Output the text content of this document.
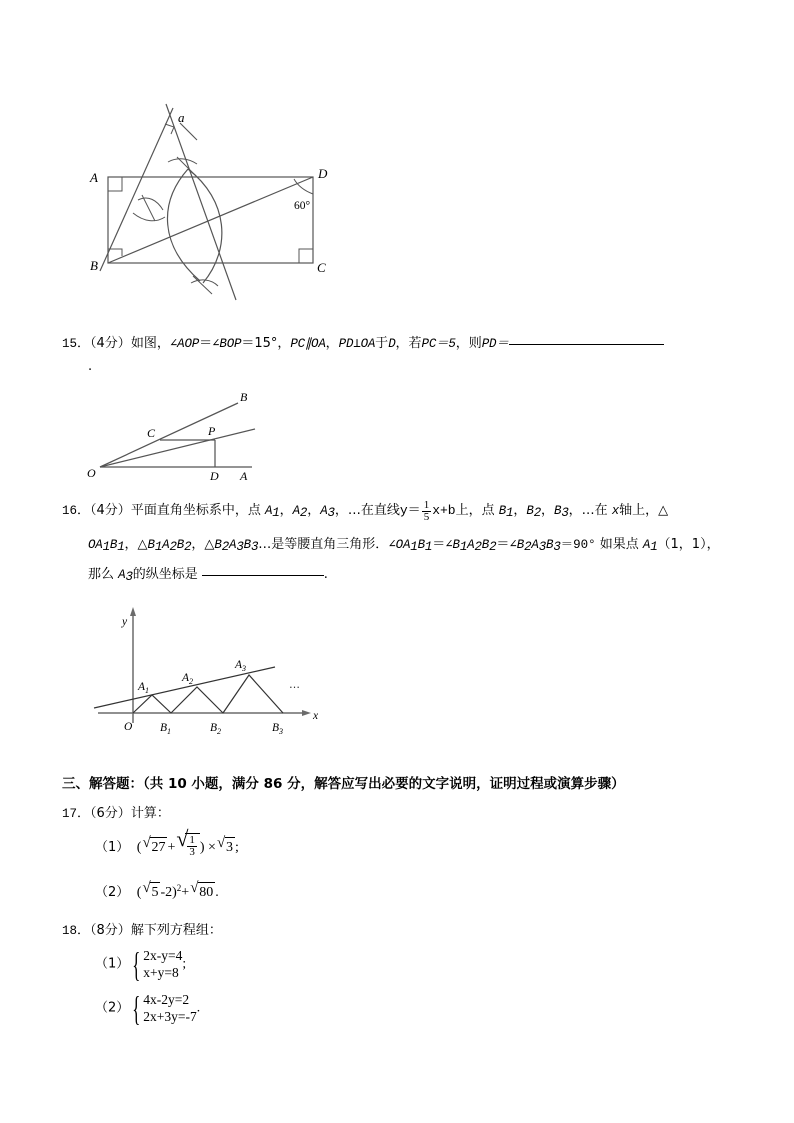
A
B	C
D
a
60°
15．（4分）如图，∠AOP＝∠BOP＝15°，PC∥OA，PD⊥OA于D，若PC＝5，则PD＝
.
O
B
C	P
D A
16．（4分）平面直角坐标系中，点 $A_1$，$A_2$，$A_3$，…在直线$y= \frac{1}{5} x+b$上，点 $B_1$，$B_2$，$B_3$，…在 x轴上，△
$OA_1B_1$，$\triangle B_1A_2B_2$，$\triangle B_2A_3B_3\dots$是等腰直角三角形．$\angle OA_1B_1=\angle B_1A_2B_2=\angle B_2A_3B_3=90^\circ$ 如果点 $A_1(1$，1），
那么 $A_3$的纵坐标是	.
y
x
O
$A_1$
$A_2$
$A_3$
$B_1$	$B_2$	$B_3$
…
三、解答题：（共 10 小题，满分 86 分，解答应写出必要的文字说明，证明过程或演算步骤）
17．（6分）计算：
（1） ( √ 27 + √
$\frac{1}{3}$ ) × √ 3 ;
（2） ( √ 5 -2)$^2$+ √ 80 .
18．（8分）解下列方程组：
（1） { 2x-y=4
x+y=8
;
（2） { 4x-2y=2
2x+3y=-7
.
